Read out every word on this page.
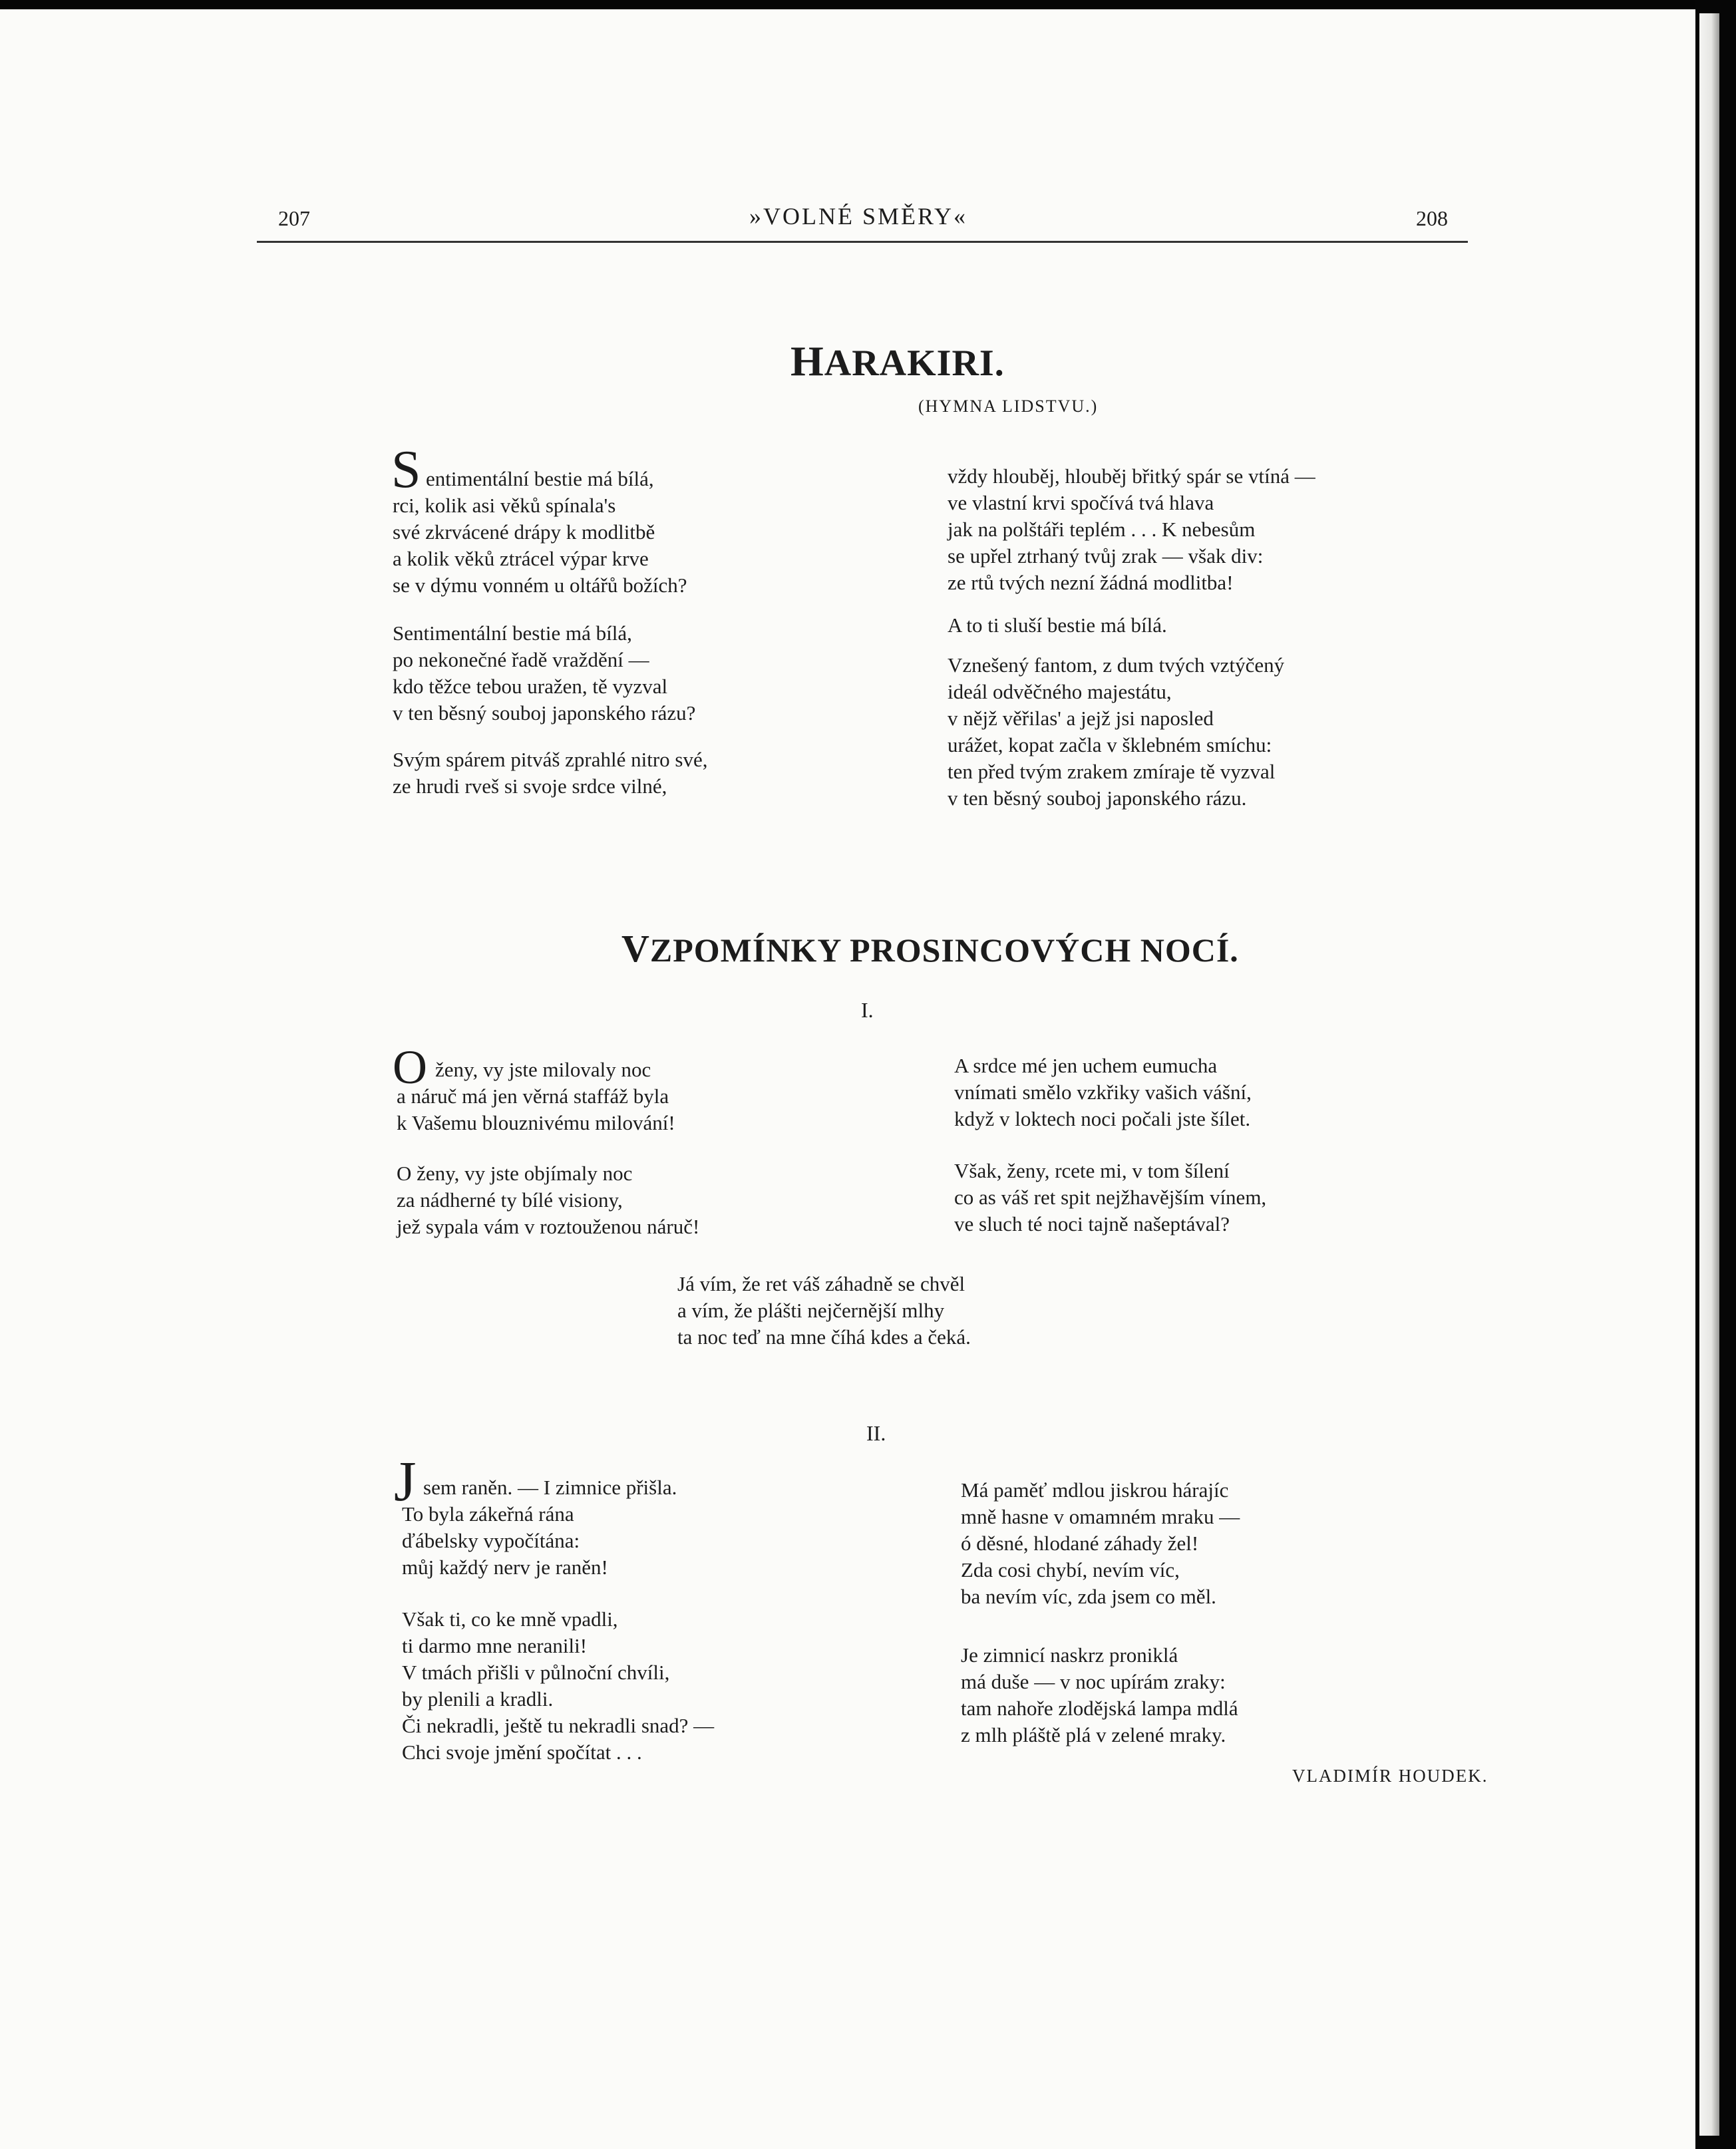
207	»VOLNÉ SMĚRY«	208
HARAKIRI.
(HYMNA LIDSTVU.)
S entimentální bestie má bílá,
rci, kolik asi věků spínala's
své zkrvácené drápy k modlitbě
a kolik věků ztrácel výpar krve
se v dýmu vonném u oltářů božích?
Sentimentální bestie má bílá,
po nekonečné řadě vraždění —
kdo těžce tebou uražen, tě vyzval
v ten běsný souboj japonského rázu?
Svým spárem pitváš zprahlé nitro své,
ze hrudi rveš si svoje srdce vilné,
vždy hlouběj, hlouběj břitký spár se vtíná —
ve vlastní krvi spočívá tvá hlava
jak na polštáři teplém . . . K nebesům
se upřel ztrhaný tvůj zrak — však div:
ze rtů tvých nezní žádná modlitba!
A to ti sluší bestie má bílá.
Vznešený fantom, z dum tvých vztýčený
ideál odvěčného majestátu,
v nějž věřilas' a jejž jsi naposled
urážet, kopat začla v šklebném smíchu:
ten před tvým zrakem zmíraje tě vyzval
v ten běsný souboj japonského rázu.
VZPOMÍNKY PROSINCOVÝCH NOCÍ.
I.
O ženy, vy jste milovaly noc
a náruč má jen věrná staffáž byla
k Vašemu blouznivému milování!
O ženy, vy jste objímaly noc
za nádherné ty bílé visiony,
jež sypala vám v roztouženou náruč!
A srdce mé jen uchem eumucha
vnímati smělo vzkřiky vašich vášní,
když v loktech noci počali jste šílet.
Však, ženy, rcete mi, v tom šílení
co as váš ret spit nejžhavějším vínem,
ve sluch té noci tajně našeptával?
Já vím, že ret váš záhadně se chvěl
a vím, že plášti nejčernější mlhy
ta noc teď na mne číhá kdes a čeká.
II.
J sem raněn. — I zimnice přišla.
To byla zákeřná rána
ďábelsky vypočítána:
můj každý nerv je raněn!
Však ti, co ke mně vpadli,
ti darmo mne neranili!
V tmách přišli v půlnoční chvíli,
by plenili a kradli.
Či nekradli, ještě tu nekradli snad? —
Chci svoje jmění spočítat . . .
Má paměť mdlou jiskrou hárajíc
mně hasne v omamném mraku —
ó děsné, hlodané záhady žel!
Zda cosi chybí, nevím víc,
ba nevím víc, zda jsem co měl.
Je zimnicí naskrz proniklá
má duše — v noc upírám zraky:
tam nahoře zlodějská lampa mdlá
z mlh pláště plá v zelené mraky.
VLADIMÍR HOUDEK.
